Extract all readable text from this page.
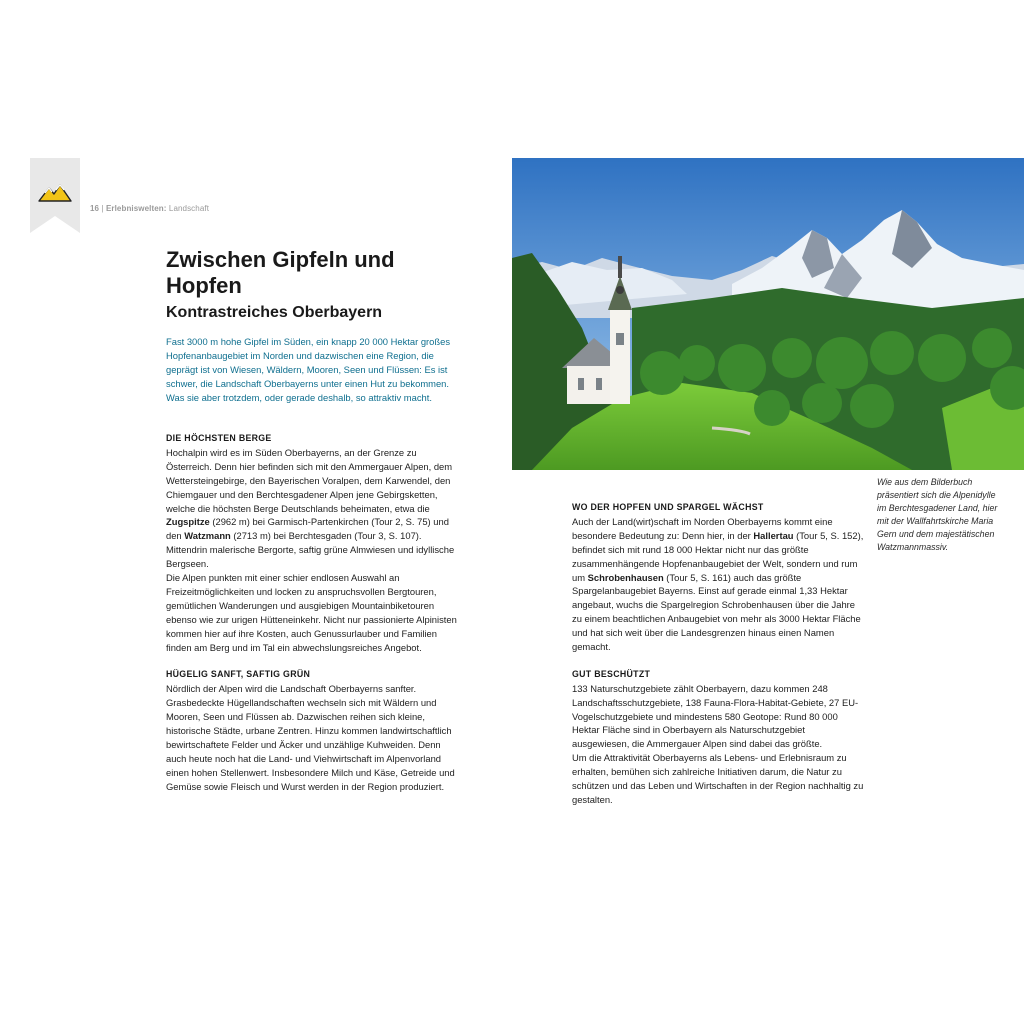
16 | Erlebniswelten: Landschaft
Zwischen Gipfeln und Hopfen
Kontrastreiches Oberbayern

Fast 3000 m hohe Gipfel im Süden, ein knapp 20 000 Hektar großes Hopfenanbaugebiet im Norden und dazwischen eine Region, die geprägt ist von Wiesen, Wäldern, Mooren, Seen und Flüssen: Es ist schwer, die Landschaft Oberbayerns unter einen Hut zu bekommen. Was sie aber trotzdem, oder gerade deshalb, so attraktiv macht.

DIE HÖCHSTEN BERGE

Hochalpin wird es im Süden Oberbayerns, an der Grenze zu Österreich. Denn hier befinden sich mit den Ammergauer Alpen, dem Wettersteingebirge, den Bayerischen Voralpen, dem Karwendel, den Chiemgauer und den Berchtesgadener Alpen jene Gebirgsketten, welche die höchsten Berge Deutschlands beheimaten, etwa die Zugspitze (2962 m) bei Garmisch-Partenkirchen (Tour 2, S. 75) und den Watzmann (2713 m) bei Berchtesgaden (Tour 3, S. 107). Mittendrin malerische Bergorte, saftig grüne Almwiesen und idyllische Bergseen.

Die Alpen punkten mit einer schier endlosen Auswahl an Freizeitmöglichkeiten und locken zu anspruchsvollen Bergtouren, gemütlichen Wanderungen und ausgiebigen Mountainbiketouren ebenso wie zur urigen Hütteneinkehr. Nicht nur passionierte Alpinisten kommen hier auf ihre Kosten, auch Genussurlauber und Familien finden am Berg und im Tal ein abwechslungsreiches Angebot.

HÜGELIG SANFT, SAFTIG GRÜN

Nördlich der Alpen wird die Landschaft Oberbayerns sanfter. Grasbedeckte Hügellandschaften wechseln sich mit Wäldern und Mooren, Seen und Flüssen ab. Dazwischen reihen sich kleine, historische Städte, urbane Zentren. Hinzu kommen landwirtschaftlich bewirtschaftete Felder und Äcker und unzählige Kuhweiden. Denn auch heute noch hat die Land- und Viehwirtschaft im Alpenvorland einen hohen Stellenwert. Insbesondere Milch und Käse, Getreide und Gemüse sowie Fleisch und Wurst werden in der Region produziert.

Wie aus dem Bilderbuch präsentiert sich die Alpenidylle im Berchtesgadener Land, hier mit der Wallfahrtskirche Maria Gern und dem majestätischen Watzmannmassiv.

WO DER HOPFEN UND SPARGEL WÄCHST

Auch der Land(wirt)schaft im Norden Oberbayerns kommt eine besondere Bedeutung zu: Denn hier, in der Hallertau (Tour 5, S. 152), befindet sich mit rund 18 000 Hektar nicht nur das größte zusammenhängende Hopfenanbaugebiet der Welt, sondern und rum um Schrobenhausen (Tour 5, S. 161) auch das größte Spargelanbaugebiet Bayerns. Einst auf gerade einmal 1,33 Hektar angebaut, wuchs die Spargelregion Schrobenhausen über die Jahre zu einem beachtlichen Anbaugebiet von mehr als 3000 Hektar Fläche und hat sich weit über die Landesgrenzen hinaus einen Namen gemacht.

GUT BESCHÜTZT

133 Naturschutzgebiete zählt Oberbayern, dazu kommen 248 Landschaftsschutzgebiete, 138 Fauna-Flora-Habitat-Gebiete, 27 EU-Vogelschutzgebiete und mindestens 580 Geotope: Rund 80 000 Hektar Fläche sind in Oberbayern als Naturschutzgebiet ausgewiesen, die Ammergauer Alpen sind dabei das größte.

Um die Attraktivität Oberbayerns als Lebens- und Erlebnisraum zu erhalten, bemühen sich zahlreiche Initiativen darum, die Natur zu schützen und das Leben und Wirtschaften in der Region nachhaltig zu gestalten.
